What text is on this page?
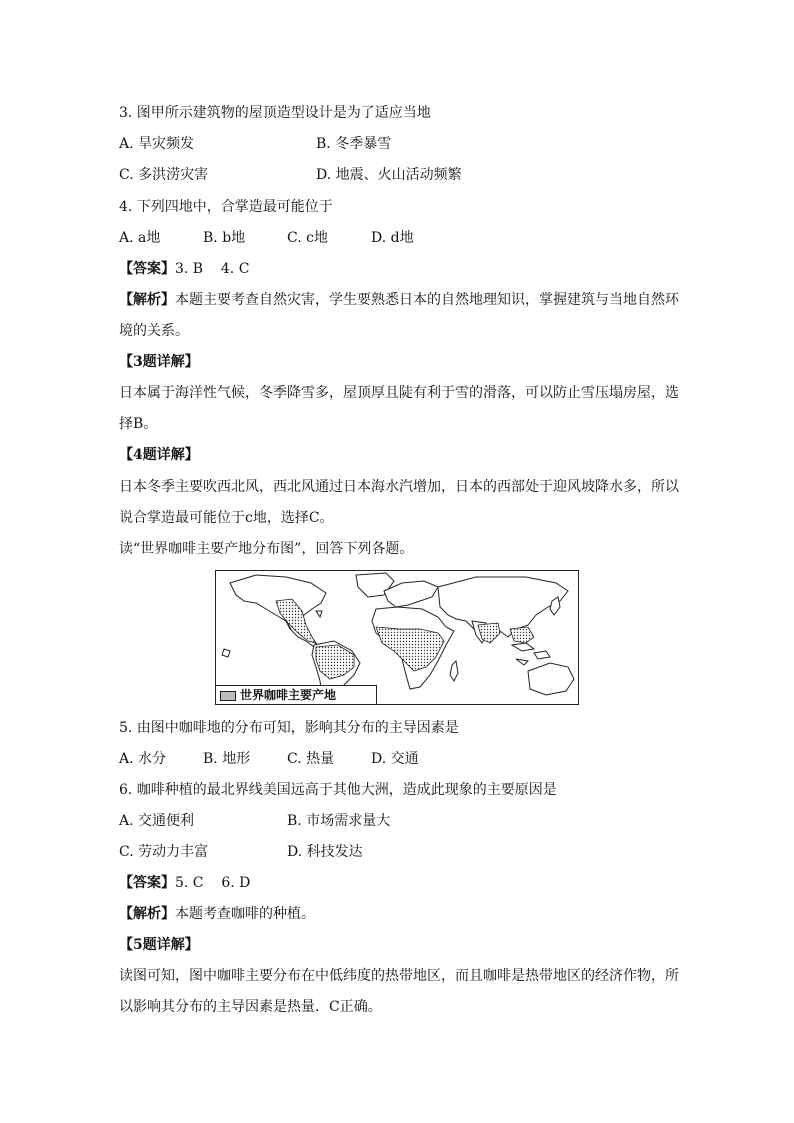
3. 图甲所示建筑物的屋顶造型设计是为了适应当地
A. 旱灾频发	B. 冬季暴雪
C. 多洪涝灾害	D. 地震、火山活动频繁
4. 下列四地中，合掌造最可能位于
A. a地	B. b地	C. c地	D. d地
【答案】3. B    4. C
【解析】本题主要考查自然灾害，学生要熟悉日本的自然地理知识，掌握建筑与当地自然环
境的关系。
【3题详解】
日本属于海洋性气候，冬季降雪多，屋顶厚且陡有利于雪的滑落，可以防止雪压塌房屋，选
择B。
【4题详解】
日本冬季主要吹西北风，西北风通过日本海水汽增加，日本的西部处于迎风坡降水多，所以
说合掌造最可能位于c地，选择C。
读“世界咖啡主要产地分布图”，回答下列各题。
世界咖啡主要产地
5. 由图中咖啡地的分布可知，影响其分布的主导因素是
A. 水分	B. 地形	C. 热量	D. 交通
6. 咖啡种植的最北界线美国远高于其他大洲，造成此现象的主要原因是
A. 交通便利	B. 市场需求量大
C. 劳动力丰富	D. 科技发达
【答案】5. C    6. D
【解析】本题考查咖啡的种植。
【5题详解】
读图可知，图中咖啡主要分布在中低纬度的热带地区，而且咖啡是热带地区的经济作物，所
以影响其分布的主导因素是热量．C正确。
